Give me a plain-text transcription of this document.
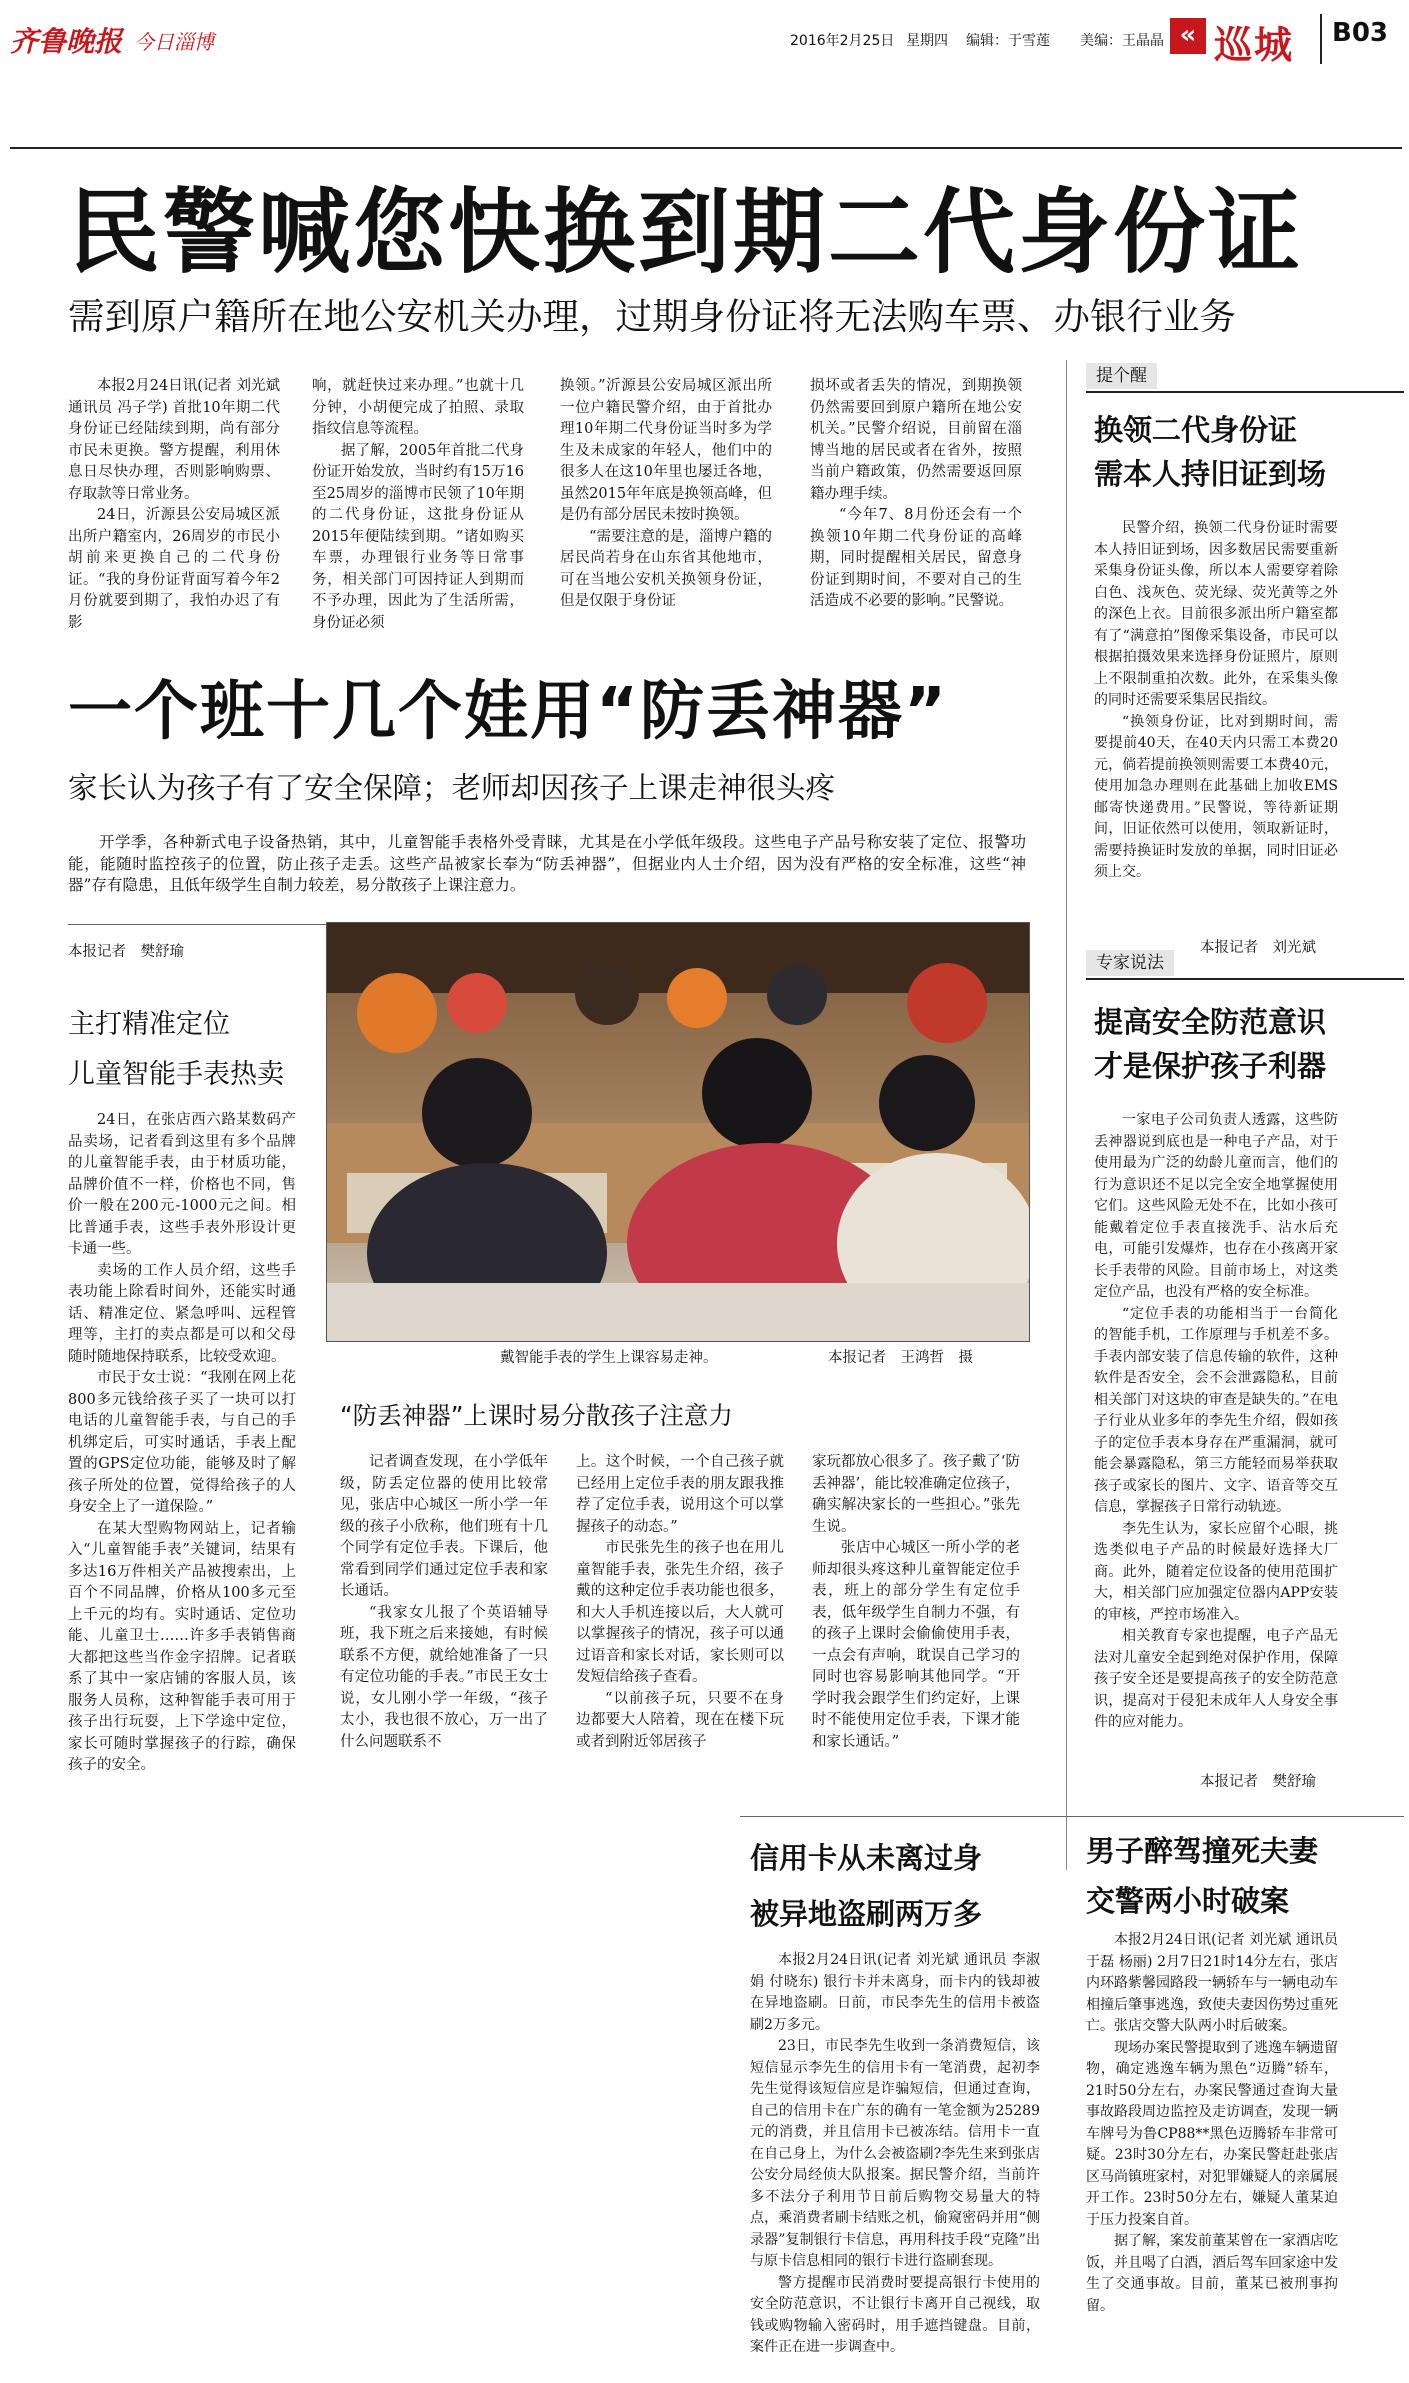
齐鲁晚报 今日淄博	2016年2月25日 星期四 编辑：于雪莲 美编：王晶晶 « 巡城 B03
民警喊您快换到期二代身份证
需到原户籍所在地公安机关办理，过期身份证将无法购车票、办银行业务

本报2月24日讯(记者 刘光斌 通讯员 冯子学) 首批10年期二代身份证已经陆续到期，尚有部分市民未更换。警方提醒，利用休息日尽快办理，否则影响购票、存取款等日常业务。

24日，沂源县公安局城区派出所户籍室内，26周岁的市民小胡前来更换自己的二代身份证。“我的身份证背面写着今年2月份就要到期了，我怕办迟了有影

响，就赶快过来办理。”也就十几分钟，小胡便完成了拍照、录取指纹信息等流程。

据了解，2005年首批二代身份证开始发放，当时约有15万16至25周岁的淄博市民领了10年期的二代身份证，这批身份证从2015年便陆续到期。“诸如购买车票，办理银行业务等日常事务，相关部门可因持证人到期而不予办理，因此为了生活所需，身份证必须

换领。”沂源县公安局城区派出所一位户籍民警介绍，由于首批办理10年期二代身份证当时多为学生及未成家的年轻人，他们中的很多人在这10年里也屡迁各地，虽然2015年年底是换领高峰，但是仍有部分居民未按时换领。

“需要注意的是，淄博户籍的居民尚若身在山东省其他地市，可在当地公安机关换领身份证，但是仅限于身份证

损坏或者丢失的情况，到期换领仍然需要回到原户籍所在地公安机关。”民警介绍说，目前留在淄博当地的居民或者在省外，按照当前户籍政策，仍然需要返回原籍办理手续。

“今年7、8月份还会有一个换领10年期二代身份证的高峰期，同时提醒相关居民，留意身份证到期时间，不要对自己的生活造成不必要的影响。”民警说。

提个醒
换领二代身份证
需本人持旧证到场

民警介绍，换领二代身份证时需要本人持旧证到场，因多数居民需要重新采集身份证头像，所以本人需要穿着除白色、浅灰色、荧光绿、荧光黄等之外的深色上衣。目前很多派出所户籍室都有了“满意拍”图像采集设备，市民可以根据拍摄效果来选择身份证照片，原则上不限制重拍次数。此外，在采集头像的同时还需要采集居民指纹。

“换领身份证，比对到期时间，需要提前40天，在40天内只需工本费20元，倘若提前换领则需要工本费40元，使用加急办理则在此基础上加收EMS邮寄快递费用。”民警说，等待新证期间，旧证依然可以使用，领取新证时，需要持换证时发放的单据，同时旧证必须上交。

本报记者　刘光斌
一个班十几个娃用“防丢神器”
家长认为孩子有了安全保障；老师却因孩子上课走神很头疼

开学季，各种新式电子设备热销，其中，儿童智能手表格外受青睐，尤其是在小学低年级段。这些电子产品号称安装了定位、报警功能，能随时监控孩子的位置，防止孩子走丢。这些产品被家长奉为“防丢神器”，但据业内人士介绍，因为没有严格的安全标准，这些“神器”存有隐患，且低年级学生自制力较差，易分散孩子上课注意力。

本报记者　樊舒瑜
主打精准定位
儿童智能手表热卖

24日，在张店西六路某数码产品卖场，记者看到这里有多个品牌的儿童智能手表，由于材质功能，品牌价值不一样，价格也不同，售价一般在200元-1000元之间。相比普通手表，这些手表外形设计更卡通一些。

卖场的工作人员介绍，这些手表功能上除看时间外，还能实时通话、精准定位、紧急呼叫、远程管理等，主打的卖点都是可以和父母随时随地保持联系，比较受欢迎。

市民于女士说：“我刚在网上花800多元钱给孩子买了一块可以打电话的儿童智能手表，与自己的手机绑定后，可实时通话，手表上配置的GPS定位功能，能够及时了解孩子所处的位置，觉得给孩子的人身安全上了一道保险。”

在某大型购物网站上，记者输入“儿童智能手表”关键词，结果有多达16万件相关产品被搜索出，上百个不同品牌，价格从100多元至上千元的均有。实时通话、定位功能、儿童卫士……许多手表销售商大都把这些当作金字招牌。记者联系了其中一家店铺的客服人员，该服务人员称，这种智能手表可用于孩子出行玩耍，上下学途中定位，家长可随时掌握孩子的行踪，确保孩子的安全。

戴智能手表的学生上课容易走神。	本报记者　王鸿哲　摄
“防丢神器”上课时易分散孩子注意力

记者调查发现，在小学低年级，防丢定位器的使用比较常见，张店中心城区一所小学一年级的孩子小欣称，他们班有十几个同学有定位手表。下课后，他常看到同学们通过定位手表和家长通话。

“我家女儿报了个英语辅导班，我下班之后来接她，有时候联系不方便，就给她准备了一只有定位功能的手表。”市民王女士说，女儿刚小学一年级，“孩子太小，我也很不放心，万一出了什么问题联系不

上。这个时候，一个自己孩子就已经用上定位手表的朋友跟我推荐了定位手表，说用这个可以掌握孩子的动态。”

市民张先生的孩子也在用儿童智能手表，张先生介绍，孩子戴的这种定位手表功能也很多，和大人手机连接以后，大人就可以掌握孩子的情况，孩子可以通过语音和家长对话，家长则可以发短信给孩子查看。

“以前孩子玩，只要不在身边都要大人陪着，现在在楼下玩或者到附近邻居孩子

家玩都放心很多了。孩子戴了‘防丢神器’，能比较准确定位孩子，确实解决家长的一些担心。”张先生说。

张店中心城区一所小学的老师却很头疼这种儿童智能定位手表，班上的部分学生有定位手表，低年级学生自制力不强，有的孩子上课时会偷偷使用手表，一点会有声响，耽误自己学习的同时也容易影响其他同学。“开学时我会跟学生们约定好，上课时不能使用定位手表，下课才能和家长通话。”

专家说法
提高安全防范意识
才是保护孩子利器

一家电子公司负责人透露，这些防丢神器说到底也是一种电子产品，对于使用最为广泛的幼龄儿童而言，他们的行为意识还不足以完全安全地掌握使用它们。这些风险无处不在，比如小孩可能戴着定位手表直接洗手、沾水后充电，可能引发爆炸，也存在小孩离开家长手表带的风险。目前市场上，对这类定位产品，也没有严格的安全标准。

“定位手表的功能相当于一台简化的智能手机，工作原理与手机差不多。手表内部安装了信息传输的软件，这种软件是否安全，会不会泄露隐私，目前相关部门对这块的审查是缺失的。”在电子行业从业多年的李先生介绍，假如孩子的定位手表本身存在严重漏洞，就可能会暴露隐私，第三方能轻而易举获取孩子或家长的图片、文字、语音等交互信息，掌握孩子日常行动轨迹。

李先生认为，家长应留个心眼，挑选类似电子产品的时候最好选择大厂商。此外，随着定位设备的使用范围扩大，相关部门应加强定位器内APP安装的审核，严控市场准入。

相关教育专家也提醒，电子产品无法对儿童安全起到绝对保护作用，保障孩子安全还是要提高孩子的安全防范意识，提高对于侵犯未成年人人身安全事件的应对能力。

本报记者　樊舒瑜
信用卡从未离过身
被异地盗刷两万多

本报2月24日讯(记者 刘光斌 通讯员 李淑娟 付晓东) 银行卡并未离身，而卡内的钱却被在异地盗刷。日前，市民李先生的信用卡被盗刷2万多元。

23日，市民李先生收到一条消费短信，该短信显示李先生的信用卡有一笔消费，起初李先生觉得该短信应是诈骗短信，但通过查询，自己的信用卡在广东的确有一笔金额为25289元的消费，并且信用卡已被冻结。信用卡一直在自己身上，为什么会被盗刷?李先生来到张店公安分局经侦大队报案。据民警介绍，当前许多不法分子利用节日前后购物交易量大的特点，乘消费者刷卡结账之机，偷窥密码并用“侧录器”复制银行卡信息，再用科技手段“克隆”出与原卡信息相同的银行卡进行盗刷套现。

警方提醒市民消费时要提高银行卡使用的安全防范意识，不让银行卡离开自己视线，取钱或购物输入密码时，用手遮挡键盘。目前，案件正在进一步调查中。

男子醉驾撞死夫妻
交警两小时破案

本报2月24日讯(记者 刘光斌 通讯员 于磊 杨丽) 2月7日21时14分左右，张店内环路紫馨园路段一辆轿车与一辆电动车相撞后肇事逃逸，致使夫妻因伤势过重死亡。张店交警大队两小时后破案。

现场办案民警提取到了逃逸车辆遗留物，确定逃逸车辆为黑色“迈腾”轿车，21时50分左右，办案民警通过查询大量事故路段周边监控及走访调查，发现一辆车牌号为鲁CP88**黑色迈腾轿车非常可疑。23时30分左右，办案民警赶赴张店区马尚镇班家村，对犯罪嫌疑人的亲属展开工作。23时50分左右，嫌疑人董某迫于压力投案自首。

据了解，案发前董某曾在一家酒店吃饭，并且喝了白酒，酒后驾车回家途中发生了交通事故。目前，董某已被刑事拘留。
